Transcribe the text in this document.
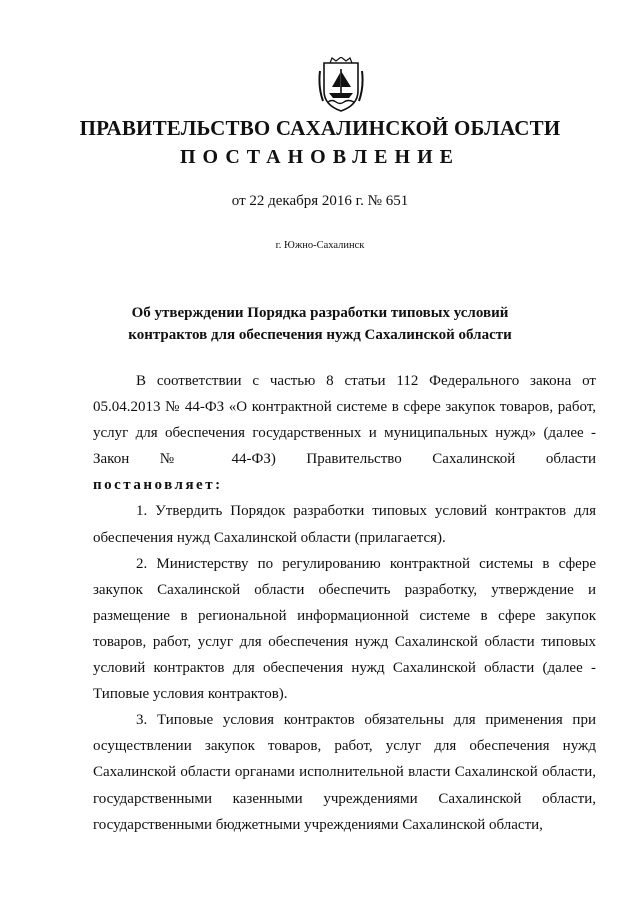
ПРАВИТЕЛЬСТВО САХАЛИНСКОЙ ОБЛАСТИ
ПОСТАНОВЛЕНИЕ
от 22 декабря 2016 г. № 651
г. Южно-Сахалинск
Об утверждении Порядка разработки типовых условий
контрактов для обеспечения нужд Сахалинской области

В соответствии с частью 8 статьи 112 Федерального закона от 05.04.2013 № 44-ФЗ «О контрактной системе в сфере закупок товаров, работ, услуг для обеспечения государственных и муниципальных нужд» (далее - Закон № 44-ФЗ) Правительство Сахалинской области

постановляет:

1. Утвердить Порядок разработки типовых условий контрактов для обеспечения нужд Сахалинской области (прилагается).

2. Министерству по регулированию контрактной системы в сфере закупок Сахалинской области обеспечить разработку, утверждение и размещение в региональной информационной системе в сфере закупок товаров, работ, услуг для обеспечения нужд Сахалинской области типовых условий контрактов для обеспечения нужд Сахалинской области (далее - Типовые условия контрактов).

3. Типовые условия контрактов обязательны для применения при осуществлении закупок товаров, работ, услуг для обеспечения нужд Сахалинской области органами исполнительной власти Сахалинской области, государственными казенными учреждениями Сахалинской области, государственными бюджетными учреждениями Сахалинской области,
